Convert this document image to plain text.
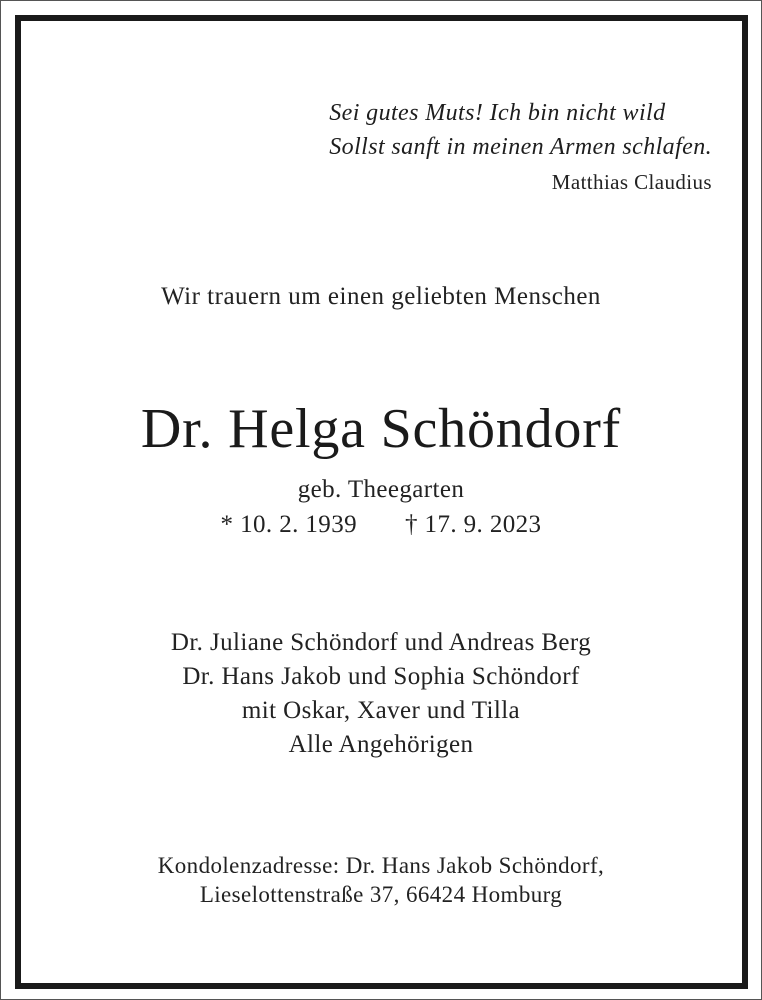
Sei gutes Muts! Ich bin nicht wild
Sollst sanft in meinen Armen schlafen.
Matthias Claudius
Wir trauern um einen geliebten Menschen
Dr. Helga Schöndorf
geb. Theegarten
* 10. 2. 1939 † 17. 9. 2023
Dr. Juliane Schöndorf und Andreas Berg
Dr. Hans Jakob und Sophia Schöndorf
mit Oskar, Xaver und Tilla
Alle Angehörigen
Kondolenzadresse: Dr. Hans Jakob Schöndorf,
Lieselottenstraße 37, 66424 Homburg
